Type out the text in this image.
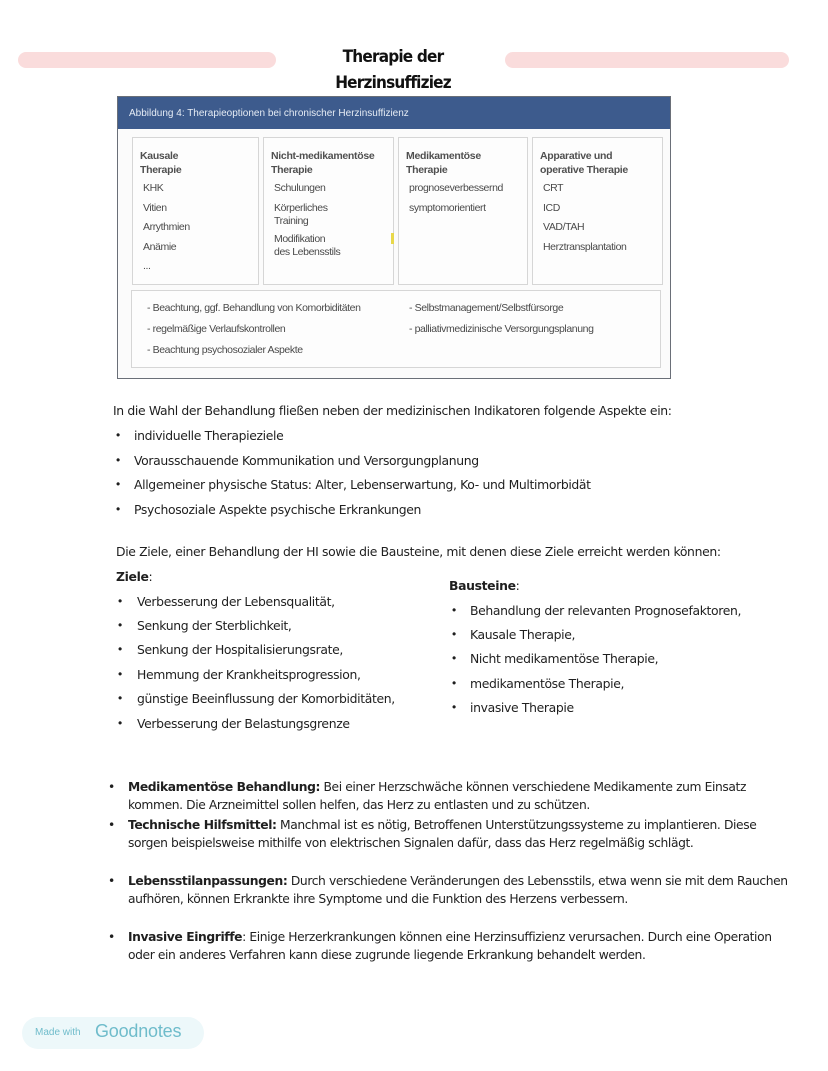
Therapie der Herzinsuffiziez
Abbildung 4: Therapieoptionen bei chronischer Herzinsuffizienz
Kausale
Therapie
KHK
Vitien
Arrythmien
Anämie
...
Nicht-medikamentöse
Therapie
Schulungen
Körperliches
Training
Modifikation
des Lebensstils
Medikamentöse
Therapie
prognoseverbessernd
symptomorientiert
Apparative und
operative Therapie
CRT
ICD
VAD/TAH
Herztransplantation
- Beachtung, ggf. Behandlung von Komorbiditäten
- regelmäßige Verlaufskontrollen
- Beachtung psychosozialer Aspekte
- Selbstmanagement/Selbstfürsorge
- palliativmedizinische Versorgungsplanung
In die Wahl der Behandlung fließen neben der medizinischen Indikatoren folgende Aspekte ein:
• individuelle Therapieziele
• Vorausschauende Kommunikation und Versorgungplanung
• Allgemeiner physische Status: Alter, Lebenserwartung, Ko- und Multimorbidät
• Psychosoziale Aspekte psychische Erkrankungen
Die Ziele, einer Behandlung der HI sowie die Bausteine, mit denen diese Ziele erreicht werden können:
Ziele:
• Verbesserung der Lebensqualität,
• Senkung der Sterblichkeit,
• Senkung der Hospitalisierungsrate,
• Hemmung der Krankheitsprogression,
• günstige Beeinflussung der Komorbiditäten,
• Verbesserung der Belastungsgrenze
Bausteine:
• Behandlung der relevanten Prognosefaktoren,
• Kausale Therapie,
• Nicht medikamentöse Therapie,
• medikamentöse Therapie,
• invasive Therapie
• Medikamentöse Behandlung: Bei einer Herzschwäche können verschiedene Medikamente zum Einsatz kommen. Die Arzneimittel sollen helfen, das Herz zu entlasten und zu schützen.
• Technische Hilfsmittel: Manchmal ist es nötig, Betroffenen Unterstützungssysteme zu implantieren. Diese sorgen beispielsweise mithilfe von elektrischen Signalen dafür, dass das Herz regelmäßig schlägt.
• Lebensstilanpassungen: Durch verschiedene Veränderungen des Lebensstils, etwa wenn sie mit dem Rauchen aufhören, können Erkrankte ihre Symptome und die Funktion des Herzens verbessern.
• Invasive Eingriffe: Einige Herzerkrankungen können eine Herzinsuffizienz verursachen. Durch eine Operation oder ein anderes Verfahren kann diese zugrunde liegende Erkrankung behandelt werden.
Made with Goodnotes
